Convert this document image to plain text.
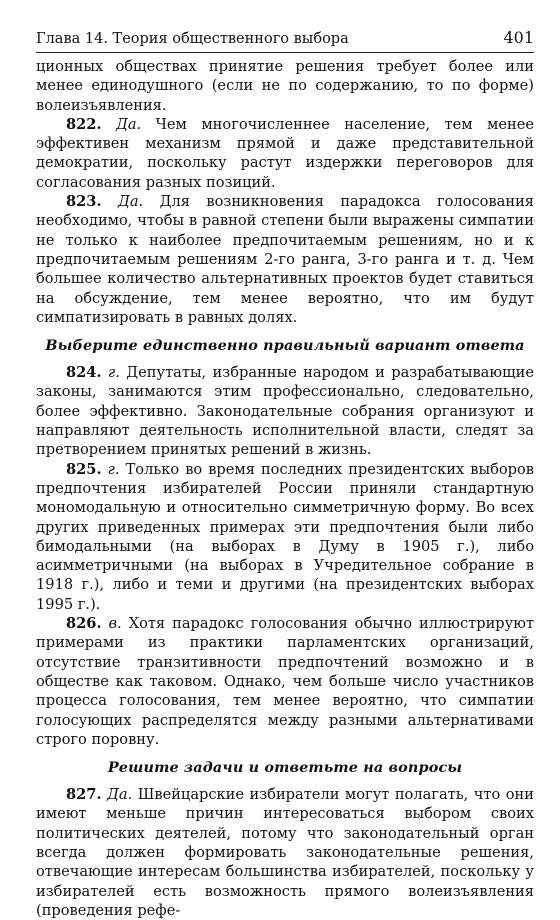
Глава 14. Теория общественного выбора	401

ционных обществах принятие решения требует более или менее единодушного (если не по содержанию, то по форме) волеизъявления.

822. Да. Чем многочисленнее население, тем менее эффективен механизм прямой и даже представительной демократии, поскольку растут издержки переговоров для согласования разных позиций.

823. Да. Для возникновения парадокса голосования необходимо, чтобы в равной степени были выражены симпатии не только к наиболее предпочитаемым решениям, но и к предпочитаемым решениям 2-го ранга, 3-го ранга и т. д. Чем большее количество альтернативных проектов будет ставиться на обсуждение, тем менее вероятно, что им будут симпатизировать в равных долях.

Выберите единственно правильный вариант ответа

824. г. Депутаты, избранные народом и разрабатывающие законы, занимаются этим профессионально, следовательно, более эффективно. Законодательные собрания организуют и направляют деятельность исполнительной власти, следят за претворением принятых решений в жизнь.

825. г. Только во время последних президентских выборов предпочтения избирателей России приняли стандартную мономодальную и относительно симметричную форму. Во всех других приведенных примерах эти предпочтения были либо бимодальными (на выборах в Думу в 1905 г.), либо асимметричными (на выборах в Учредительное собрание в 1918 г.), либо и теми и другими (на президентских выборах 1995 г.).

826. в. Хотя парадокс голосования обычно иллюстрируют примерами из практики парламентских организаций, отсутствие транзитивности предпочтений возможно и в обществе как таковом. Однако, чем больше число участников процесса голосования, тем менее вероятно, что симпатии голосующих распределятся между разными альтернативами строго поровну.

Решите задачи и ответьте на вопросы

827. Да. Швейцарские избиратели могут полагать, что они имеют меньше причин интересоваться выбором своих политических деятелей, потому что законодательный орган всегда должен формировать законодательные решения, отвечающие интересам большинства избирателей, поскольку у избирателей есть возможность прямого волеизъявления (проведения рефе-
